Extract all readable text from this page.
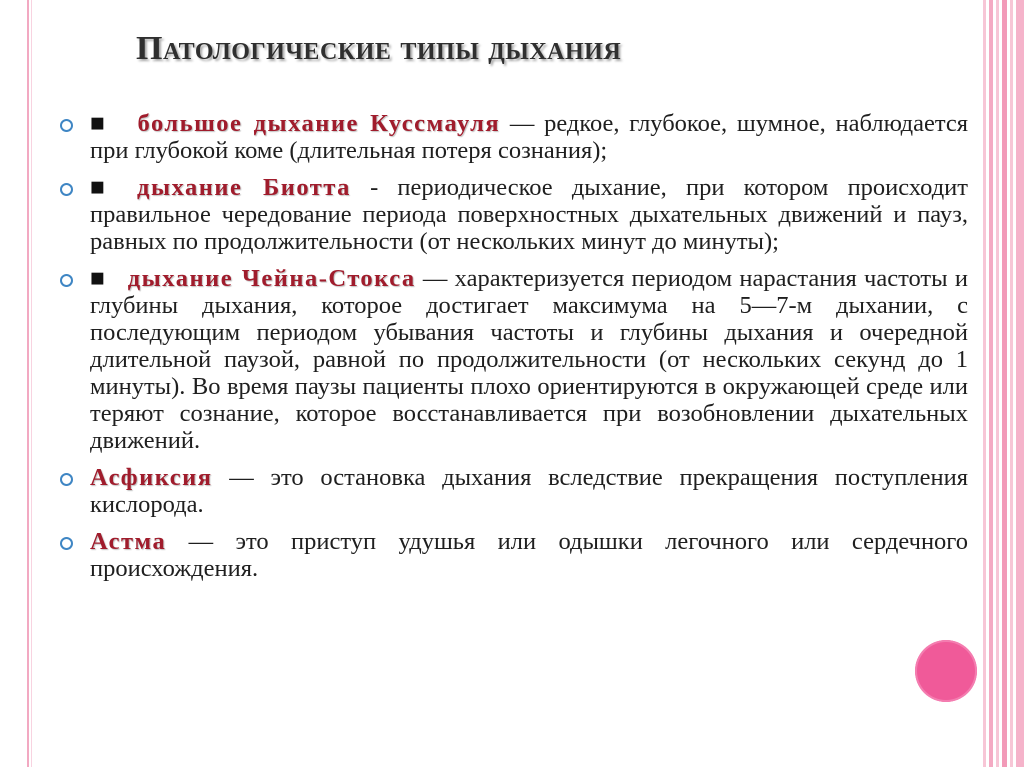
Патологические типы дыхания

■ большое дыхание Куссмауля — редкое, глубокое, шумное, наблюдается при глубокой коме (длительная потеря сознания);

■ дыхание Биотта - периодическое дыхание, при котором происходит правильное чередование периода поверхностных дыхательных движений и пауз, равных по продолжительности (от нескольких минут до минуты);

■ дыхание Чейна-Стокса — характеризуется периодом нарастания частоты и глубины дыхания, которое достигает максимума на 5—7-м дыхании, с последующим периодом убывания частоты и глубины дыхания и очередной длительной паузой, равной по продолжительности (от нескольких секунд до 1 минуты). Во время паузы пациенты плохо ориентируются в окружающей среде или теряют сознание, которое восстанавливается при возобновлении дыхательных движений.

Асфиксия — это остановка дыхания вследствие прекращения поступления кислорода.

Астма — это приступ удушья или одышки легочного или сердечного происхождения.
